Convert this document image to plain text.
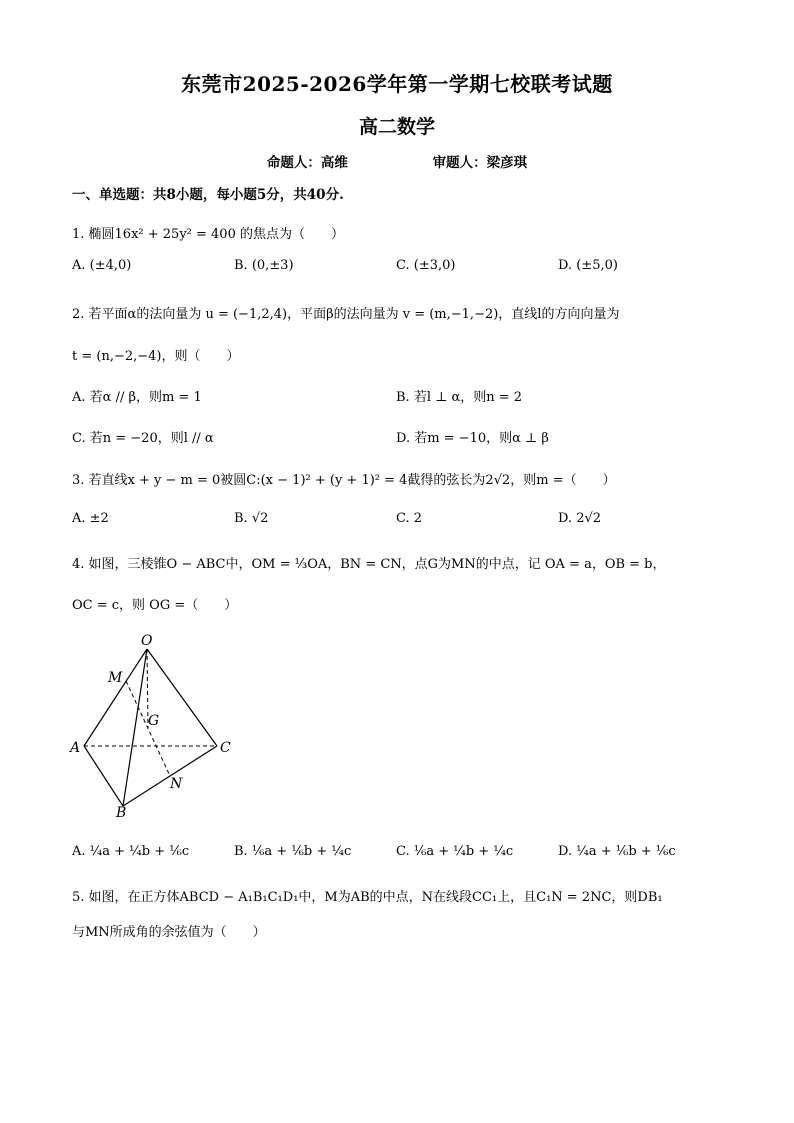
东莞市2025-2026学年第一学期七校联考试题
高二数学
命题人：高维	审题人：梁彦琪
一、单选题：共8小题，每小题5分，共40分.
1. 椭圆16x² + 25y² = 400 的焦点为（　　）
A. (±4,0)	B. (0,±3)	C. (±3,0)	D. (±5,0)
2. 若平面α的法向量为 u = (−1,2,4)，平面β的法向量为 v = (m,−1,−2)，直线l的方向向量为
t = (n,−2,−4)，则（　　）
A. 若α // β，则m = 1	B. 若l ⊥ α，则n = 2
C. 若n = −20，则l // α	D. 若m = −10，则α ⊥ β
3. 若直线x + y − m = 0被圆C:(x − 1)² + (y + 1)² = 4截得的弦长为2√2，则m =（　　）
A. ±2	B. √2	C. 2	D. 2√2
4. 如图，三棱锥O − ABC中，OM = ⅓OA，BN = CN，点G为MN的中点，记 OA = a，OB = b，
OC = c，则 OG =（　　）
O
M
G
A	C
N
B
A. ¼a + ¼b + ⅙c	B. ⅙a + ⅙b + ¼c	C. ⅙a + ¼b + ¼c	D. ¼a + ⅙b + ⅙c
5. 如图，在正方体ABCD − A₁B₁C₁D₁中，M为AB的中点，N在线段CC₁上，且C₁N = 2NC，则DB₁
与MN所成角的余弦值为（　　）
